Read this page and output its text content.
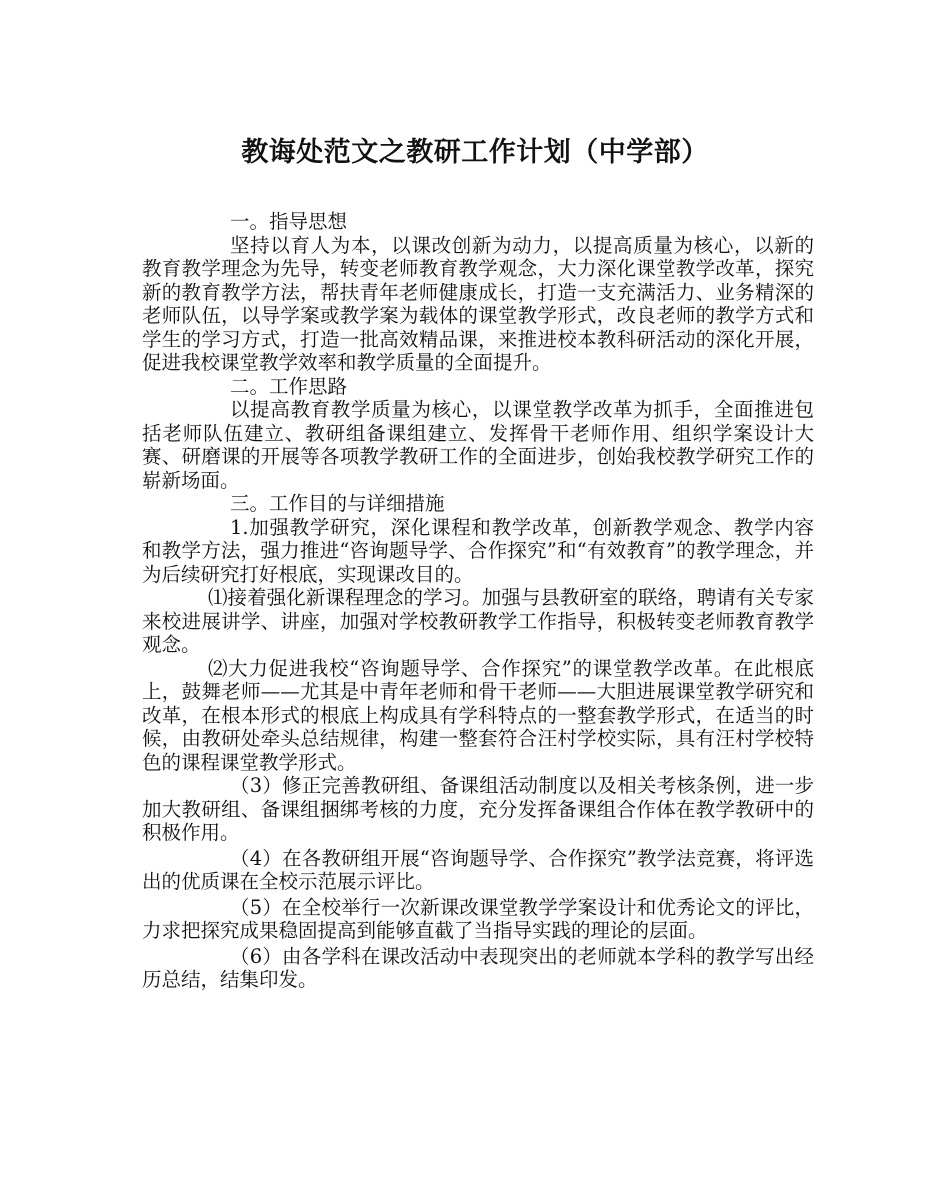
教诲处范文之教研工作计划（中学部）

一。指导思想

坚持以育人为本，以课改创新为动力，以提高质量为核心，以新的教育教学理念为先导，转变老师教育教学观念，大力深化课堂教学改革，探究新的教育教学方法，帮扶青年老师健康成长，打造一支充满活力、业务精深的老师队伍，以导学案或教学案为载体的课堂教学形式，改良老师的教学方式和学生的学习方式，打造一批高效精品课，来推进校本教科研活动的深化开展，促进我校课堂教学效率和教学质量的全面提升。

二。工作思路

以提高教育教学质量为核心，以课堂教学改革为抓手，全面推进包括老师队伍建立、教研组备课组建立、发挥骨干老师作用、组织学案设计大赛、研磨课的开展等各项教学教研工作的全面进步，创始我校教学研究工作的崭新场面。

三。工作目的与详细措施

1.加强教学研究，深化课程和教学改革，创新教学观念、教学内容和教学方法，强力推进“咨询题导学、合作探究”和“有效教育”的教学理念，并为后续研究打好根底，实现课改目的。

⑴接着强化新课程理念的学习。加强与县教研室的联络，聘请有关专家来校进展讲学、讲座，加强对学校教研教学工作指导，积极转变老师教育教学观念。

⑵大力促进我校“咨询题导学、合作探究”的课堂教学改革。在此根底上，鼓舞老师——尤其是中青年老师和骨干老师——大胆进展课堂教学研究和改革，在根本形式的根底上构成具有学科特点的一整套教学形式，在适当的时候，由教研处牵头总结规律，构建一整套符合汪村学校实际，具有汪村学校特色的课程课堂教学形式。

（3）修正完善教研组、备课组活动制度以及相关考核条例，进一步加大教研组、备课组捆绑考核的力度，充分发挥备课组合作体在教学教研中的积极作用。

（4）在各教研组开展“咨询题导学、合作探究”教学法竞赛，将评选出的优质课在全校示范展示评比。

（5）在全校举行一次新课改课堂教学学案设计和优秀论文的评比，力求把探究成果稳固提高到能够直截了当指导实践的理论的层面。

（6）由各学科在课改活动中表现突出的老师就本学科的教学写出经历总结，结集印发。
